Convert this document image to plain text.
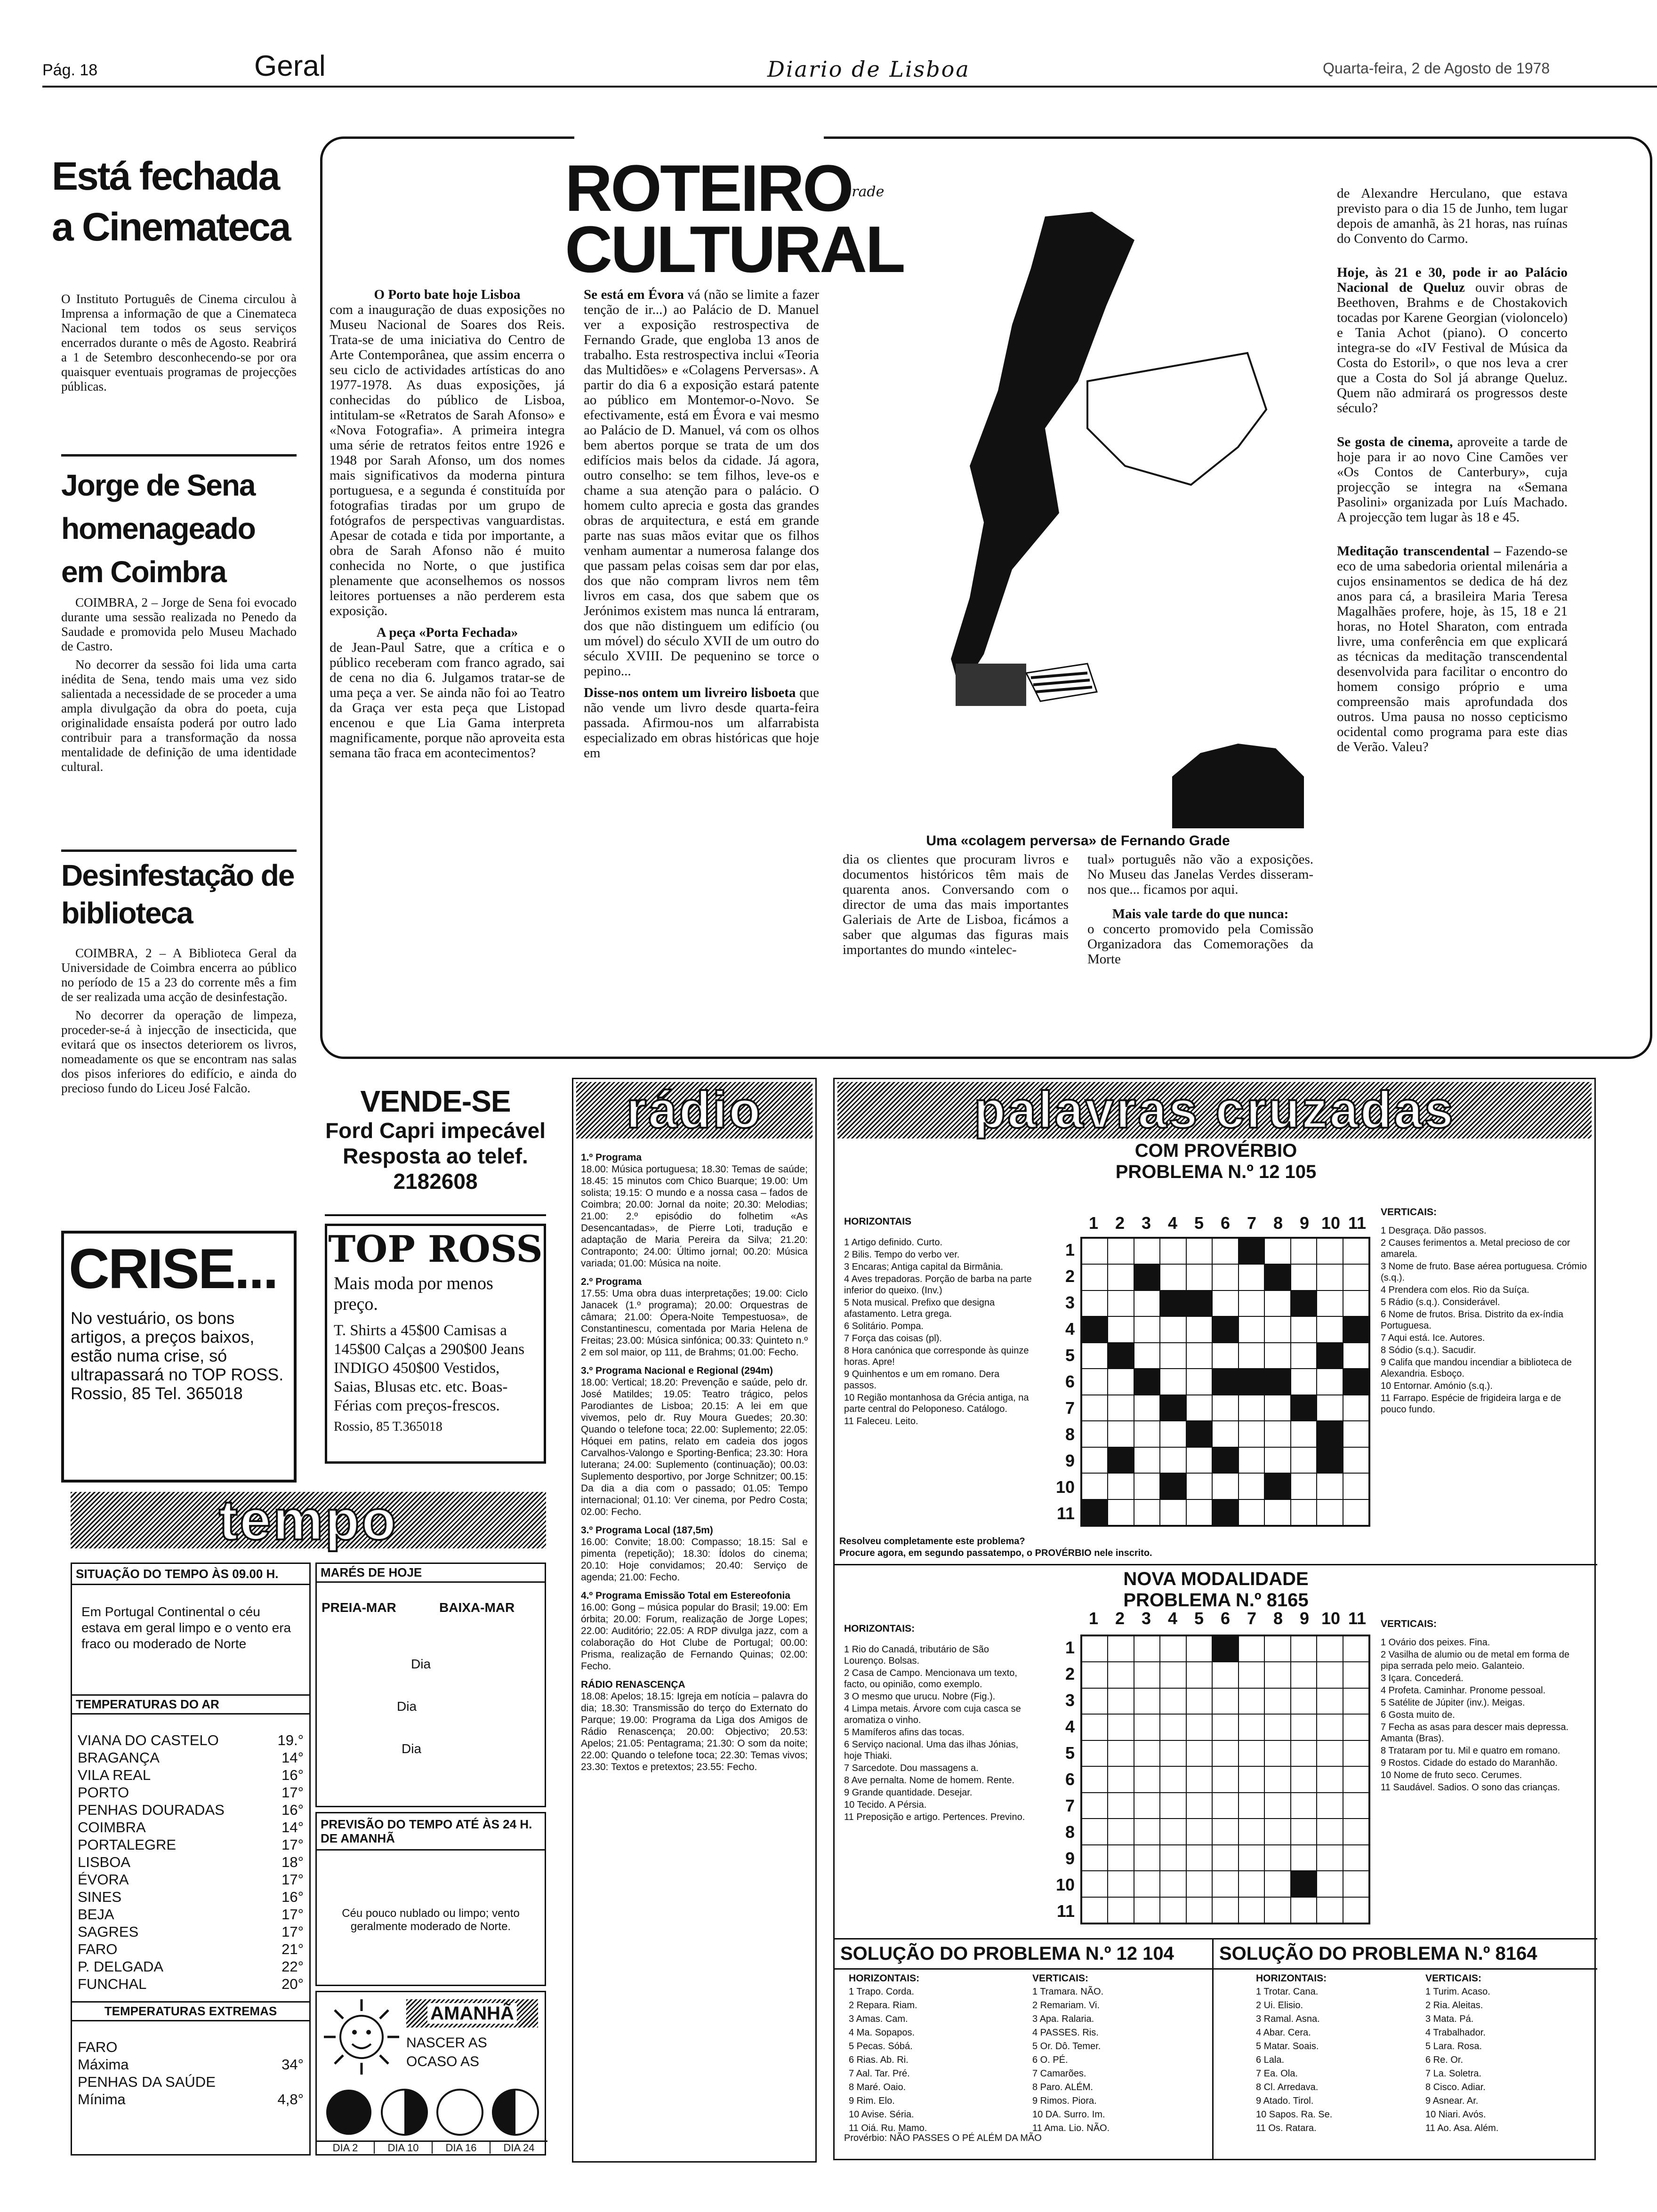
Pág. 18	Geral	Diario de Lisboa	Quarta-feira, 2 de Agosto de 1978
Está fechada a Cinemateca
O Instituto Português de Cinema circulou à Imprensa a informação de que a Cinemateca Nacional tem todos os seus serviços encerrados durante o mês de Agosto. Reabrirá a 1 de Setembro desconhecendo-se por ora quaisquer eventuais programas de projecções públicas.
Jorge de Sena homenageado em Coimbra

COIMBRA, 2 – Jorge de Sena foi evocado durante uma sessão realizada no Penedo da Saudade e promovida pelo Museu Machado de Castro.

No decorrer da sessão foi lida uma carta inédita de Sena, tendo mais uma vez sido salientada a necessidade de se proceder a uma ampla divulgação da obra do poeta, cuja originalidade ensaísta poderá por outro lado contribuir para a transformação da nossa mentalidade de definição de uma identidade cultural.

Desinfestação de biblioteca

COIMBRA, 2 – A Biblioteca Geral da Universidade de Coimbra encerra ao público no período de 15 a 23 do corrente mês a fim de ser realizada uma acção de desinfestação.

No decorrer da operação de limpeza, proceder-se-á à injecção de insecticida, que evitará que os insectos deteriorem os livros, nomeadamente os que se encontram nas salas dos pisos inferiores do edifício, e ainda do precioso fundo do Liceu José Falcão.

ROTEIRO
CULTURAL
O Porto bate hoje Lisboa
com a inauguração de duas exposições no Museu Nacional de Soares dos Reis. Trata-se de uma iniciativa do Centro de Arte Contemporânea, que assim encerra o seu ciclo de actividades artísticas do ano 1977-1978. As duas exposições, já conhecidas do público de Lisboa, intitulam-se «Retratos de Sarah Afonso» e «Nova Fotografia». A primeira integra uma série de retratos feitos entre 1926 e 1948 por Sarah Afonso, um dos nomes mais significativos da moderna pintura portuguesa, e a segunda é constituída por fotografias tiradas por um grupo de fotógrafos de perspectivas vanguardistas. Apesar de cotada e tida por importante, a obra de Sarah Afonso não é muito conhecida no Norte, o que justifica plenamente que aconselhemos os nossos leitores portuenses a não perderem esta exposição.
A peça «Porta Fechada»
de Jean-Paul Satre, que a crítica e o público receberam com franco agrado, sai de cena no dia 6. Julgamos tratar-se de uma peça a ver. Se ainda não foi ao Teatro da Graça ver esta peça que Listopad encenou e que Lia Gama interpreta magnificamente, porque não aproveita esta semana tão fraca em acontecimentos?
Se está em Évora vá (não se limite a fazer tenção de ir...) ao Palácio de D. Manuel ver a exposição restrospectiva de Fernando Grade, que engloba 13 anos de trabalho. Esta restrospectiva inclui «Teoria das Multidões» e «Colagens Perversas». A partir do dia 6 a exposição estará patente ao público em Montemor-o-Novo. Se efectivamente, está em Évora e vai mesmo ao Palácio de D. Manuel, vá com os olhos bem abertos porque se trata de um dos edifícios mais belos da cidade. Já agora, outro conselho: se tem filhos, leve-os e chame a sua atenção para o palácio. O homem culto aprecia e gosta das grandes obras de arquitectura, e está em grande parte nas suas mãos evitar que os filhos venham aumentar a numerosa falange dos que passam pelas coisas sem dar por elas, dos que não compram livros nem têm livros em casa, dos que sabem que os Jerónimos existem mas nunca lá entraram, dos que não distinguem um edifício (ou um móvel) do século XVII de um outro do século XVIII. De pequenino se torce o pepino...
Disse-nos ontem um livreiro lisboeta que não vende um livro desde quarta-feira passada. Afirmou-nos um alfarrabista especializado em obras históricas que hoje em
grade
Uma «colagem perversa» de Fernando Grade
dia os clientes que procuram livros e documentos históricos têm mais de quarenta anos. Conversando com o director de uma das mais importantes Galeriais de Arte de Lisboa, ficámos a saber que algumas das figuras mais importantes do mundo «intelec-
tual» português não vão a exposições. No Museu das Janelas Verdes disseram-nos que... ficamos por aqui.
Mais vale tarde do que nunca:
o concerto promovido pela Comissão Organizadora das Comemorações da Morte
de Alexandre Herculano, que estava previsto para o dia 15 de Junho, tem lugar depois de amanhã, às 21 horas, nas ruínas do Convento do Carmo.
Hoje, às 21 e 30, pode ir ao Palácio Nacional de Queluz ouvir obras de Beethoven, Brahms e de Chostakovich tocadas por Karene Georgian (violoncelo) e Tania Achot (piano). O concerto integra-se do «IV Festival de Música da Costa do Estoril», o que nos leva a crer que a Costa do Sol já abrange Queluz. Quem não admirará os progressos deste século?
Se gosta de cinema, aproveite a tarde de hoje para ir ao novo Cine Camões ver «Os Contos de Canterbury», cuja projecção se integra na «Semana Pasolini» organizada por Luís Machado. A projecção tem lugar às 18 e 45.
Meditação transcendental – Fazendo-se eco de uma sabedoria oriental milenária a cujos ensinamentos se dedica de há dez anos para cá, a brasileira Maria Teresa Magalhães profere, hoje, às 15, 18 e 21 horas, no Hotel Sharaton, com entrada livre, uma conferência em que explicará as técnicas da meditação transcendental desenvolvida para facilitar o encontro do homem consigo próprio e uma compreensão mais aprofundada dos outros. Uma pausa no nosso cepticismo ocidental como programa para este dias de Verão. Valeu?
CRISE...
No vestuário, os bons artigos, a preços baixos, estão numa crise, só ultrapassará no TOP ROSS.
Rossio, 85 Tel. 365018
VENDE-SE
Ford Capri impecável
Resposta ao telef.
2182608
TOP ROSS
Mais moda por menos preço.
T. Shirts a 45$00 Camisas a 145$00 Calças a 290$00 Jeans INDIGO 450$00 Vestidos, Saias, Blusas etc. etc. Boas-Férias com preços-frescos.
Rossio, 85 T.365018
tempo
SITUAÇÃO DO TEMPO ÀS 09.00 H.
Em Portugal Continental o céu estava em geral limpo e o vento era fraco ou moderado de Norte
TEMPERATURAS DO AR
VIANA DO CASTELO	19.°
BRAGANÇA	14°
VILA REAL	16°
PORTO	17°
PENHAS DOURADAS	16°
COIMBRA	14°
PORTALEGRE	17°
LISBOA	18°
ÉVORA	17°
SINES	16°
BEJA	17°
SAGRES	17°
FARO	21°
P. DELGADA	22°
FUNCHAL	20°
TEMPERATURAS EXTREMAS
FARO
Máxima	34°
PENHAS DA SAÚDE
Mínima	4,8°
MARÉS DE HOJE
PREIA-MAR	BAIXA-MAR
Dia
Dia
Dia
PREVISÃO DO TEMPO ATÉ ÀS 24 H. DE AMANHÃ
Céu pouco nublado ou limpo; vento geralmente moderado de Norte.
AMANHÃ
NASCER AS
OCASO AS
DIA 2	DIA 10	DIA 16	DIA 24
rádio
1.º Programa
18.00: Música portuguesa; 18.30: Temas de saúde; 18.45: 15 minutos com Chico Buarque; 19.00: Um solista; 19.15: O mundo e a nossa casa – fados de Coimbra; 20.00: Jornal da noite; 20.30: Melodias; 21.00: 2.º episódio do folhetim «As Desencantadas», de Pierre Loti, tradução e adaptação de Maria Pereira da Silva; 21.20: Contraponto; 24.00: Último jornal; 00.20: Música variada; 01.00: Música na noite.
2.º Programa
17.55: Uma obra duas interpretações; 19.00: Ciclo Janacek (1.º programa); 20.00: Orquestras de câmara; 21.00: Ópera-Noite Tempestuosa», de Constantinescu, comentada por Maria Helena de Freitas; 23.00: Música sinfónica; 00.33: Quinteto n.º 2 em sol maior, op 111, de Brahms; 01.00: Fecho.
3.º Programa Nacional e Regional (294m)
18.00: Vertical; 18.20: Prevenção e saúde, pelo dr. José Matildes; 19.05: Teatro trágico, pelos Parodiantes de Lisboa; 20.15: A lei em que vivemos, pelo dr. Ruy Moura Guedes; 20.30: Quando o telefone toca; 22.00: Suplemento; 22.05: Hóquei em patins, relato em cadeia dos jogos Carvalhos-Valongo e Sporting-Benfica; 23.30: Hora luterana; 24.00: Suplemento (continuação); 00.03: Suplemento desportivo, por Jorge Schnitzer; 00.15: Da dia a dia com o passado; 01.05: Tempo internacional; 01.10: Ver cinema, por Pedro Costa; 02.00: Fecho.
3.º Programa Local (187,5m)
16.00: Convite; 18.00: Compasso; 18.15: Sal e pimenta (repetição); 18.30: Ídolos do cinema; 20.10: Hoje convidamos; 20.40: Serviço de agenda; 21.00: Fecho.
4.º Programa Emissão Total em Estereofonia
16.00: Gong – música popular do Brasil; 19.00: Em órbita; 20.00: Forum, realização de Jorge Lopes; 22.00: Auditório; 22.05: A RDP divulga jazz, com a colaboração do Hot Clube de Portugal; 00.00: Prisma, realização de Fernando Quinas; 02.00: Fecho.
RÁDIO RENASCENÇA
18.08: Apelos; 18.15: Igreja em notícia – palavra do dia; 18.30: Transmissão do terço do Externato do Parque; 19.00: Programa da Liga dos Amigos de Rádio Renascença; 20.00: Objectivo; 20.53: Apelos; 21.05: Pentagrama; 21.30: O som da noite; 22.00: Quando o telefone toca; 22.30: Temas vivos; 23.30: Textos e pretextos; 23.55: Fecho.
palavras cruzadas
COM PROVÉRBIO
PROBLEMA N.º 12 105
HORIZONTAIS
1 Artigo definido. Curto.
2 Bilis. Tempo do verbo ver.
3 Encaras; Antiga capital da Birmânia.
4 Aves trepadoras. Porção de barba na parte inferior do queixo. (Inv.)
5 Nota musical. Prefixo que designa afastamento. Letra grega.
6 Solitário. Pompa.
7 Força das coisas (pl).
8 Hora canónica que corresponde às quinze horas. Apre!
9 Quinhentos e um em romano. Dera passos.
10 Região montanhosa da Grécia antiga, na parte central do Peloponeso. Catálogo.
11 Faleceu. Leito.
1 2 3 4 5 6 7 8 9 10 11
1
2
3
4
5
6
7
8
9
10
11
VERTICAIS:
1 Desgraça. Dão passos.
2 Causes ferimentos a. Metal precioso de cor amarela.
3 Nome de fruto. Base aérea portuguesa. Crómio (s.q.).
4 Prendera com elos. Rio da Suíça.
5 Rádio (s.q.). Considerável.
6 Nome de frutos. Brisa. Distrito da ex-índia Portuguesa.
7 Aqui está. Ice. Autores.
8 Sódio (s.q.). Sacudir.
9 Califa que mandou incendiar a biblioteca de Alexandria. Esboço.
10 Entornar. Amónio (s.q.).
11 Farrapo. Espécie de frigideira larga e de pouco fundo.
Resolveu completamente este problema?
Procure agora, em segundo passatempo, o PROVÉRBIO nele inscrito.
NOVA MODALIDADE
PROBLEMA N.º 8165
HORIZONTAIS:
1 Rio do Canadá, tributário de São Lourenço. Bolsas.
2 Casa de Campo. Mencionava um texto, facto, ou opinião, como exemplo.
3 O mesmo que urucu. Nobre (Fig.).
4 Limpa metais. Árvore com cuja casca se aromatiza o vinho.
5 Mamíferos afins das tocas.
6 Serviço nacional. Uma das ilhas Jónias, hoje Thiaki.
7 Sarcedote. Dou massagens a.
8 Ave pernalta. Nome de homem. Rente.
9 Grande quantidade. Desejar.
10 Tecido. A Pérsia.
11 Preposição e artigo. Pertences. Previno.
1 2 3 4 5 6 7 8 9 10 11
1
2
3
4
5
6
7
8
9
10
11
VERTICAIS:
1 Ovário dos peixes. Fina.
2 Vasilha de alumio ou de metal em forma de pipa serrada pelo meio. Galanteio.
3 Içara. Concederá.
4 Profeta. Caminhar. Pronome pessoal.
5 Satélite de Júpiter (inv.). Meigas.
6 Gosta muito de.
7 Fecha as asas para descer mais depressa. Amanta (Bras).
8 Trataram por tu. Mil e quatro em romano.
9 Rostos. Cidade do estado do Maranhão.
10 Nome de fruto seco. Cerumes.
11 Saudável. Sadios. O sono das crianças.
SOLUÇÃO DO PROBLEMA N.º 12 104
HORIZONTAIS:
1 Trapo. Corda.
2 Repara. Riam.
3 Amas. Cam.
4 Ma. Sopapos.
5 Pecas. Sóbá.
6 Rias. Ab. Ri.
7 Aal. Tar. Pré.
8 Maré. Oaio.
9 Rim. Elo.
10 Avise. Séria.
11 Oiá. Ru. Mamo.
VERTICAIS:
1 Tramara. NÃO.
2 Remariam. Vi.
3 Apa. Ralaria.
4 PASSES. Ris.
5 Or. Dô. Temer.
6 O. PÉ.
7 Camarões.
8 Paro. ALÉM.
9 Rimos. Piora.
10 DA. Surro. Im.
11 Ama. Lio. NÃO.
Provérbio: NÃO PASSES O PÉ ALÉM DA MÃO
SOLUÇÃO DO PROBLEMA N.º 8164
HORIZONTAIS:
1 Trotar. Cana.
2 Ui. Elisio.
3 Ramal. Asna.
4 Abar. Cera.
5 Matar. Soais.
6 Lala.
7 Ea. Ola.
8 Cl. Arredava.
9 Atado. Tirol.
10 Sapos. Ra. Se.
11 Os. Ratara.
VERTICAIS:
1 Turim. Acaso.
2 Ria. Aleitas.
3 Mata. Pá.
4 Trabalhador.
5 Lara. Rosa.
6 Re. Or.
7 La. Soletra.
8 Cisco. Adiar.
9 Asnear. Ar.
10 Niari. Avós.
11 Ao. Asa. Além.
